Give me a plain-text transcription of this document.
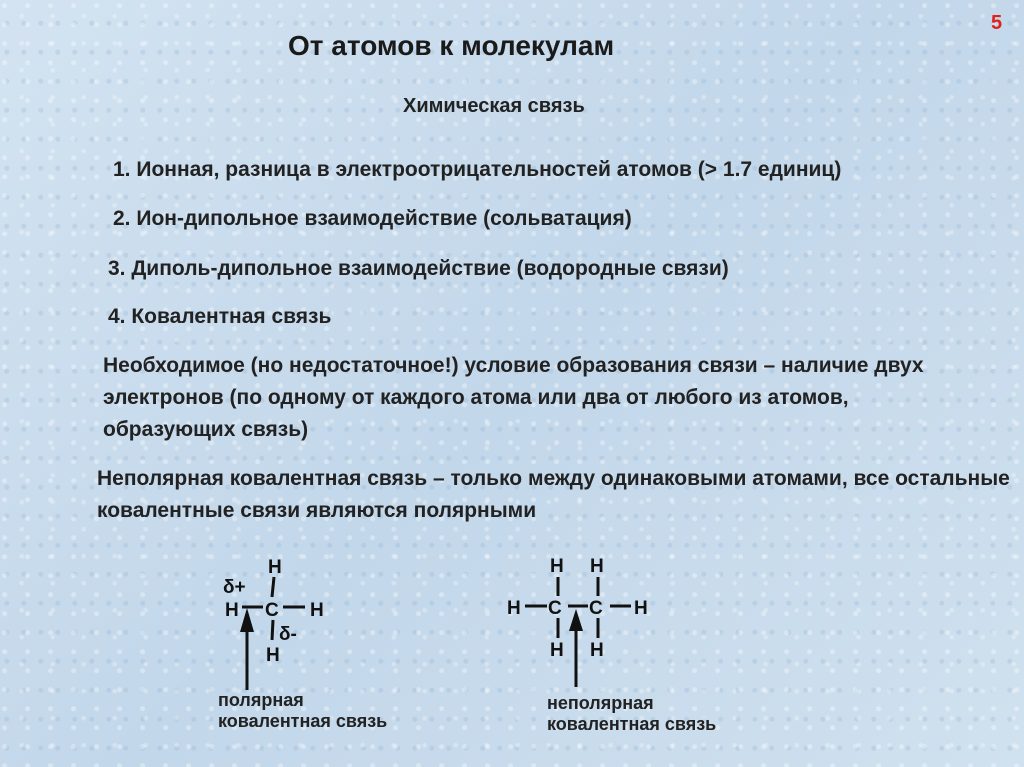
5
От атомов к молекулам
Химическая связь
1. Ионная, разница в электроотрицательностей атомов (> 1.7 единиц)
2. Ион-дипольное взаимодействие (сольватация)
3. Диполь-дипольное взаимодействие (водородные связи)
4. Ковалентная связь
Необходимое (но недостаточное!) условие образования связи – наличие двух электронов (по одному от каждого атома или два от любого из атомов, образующих связь)
Неполярная ковалентная связь – только между одинаковыми атомами, все остальные ковалентные связи являются полярными
H
δ+
H C H
δ-
H
H H
H C C H
H H
полярная
ковалентная связь
неполярная
ковалентная связь
